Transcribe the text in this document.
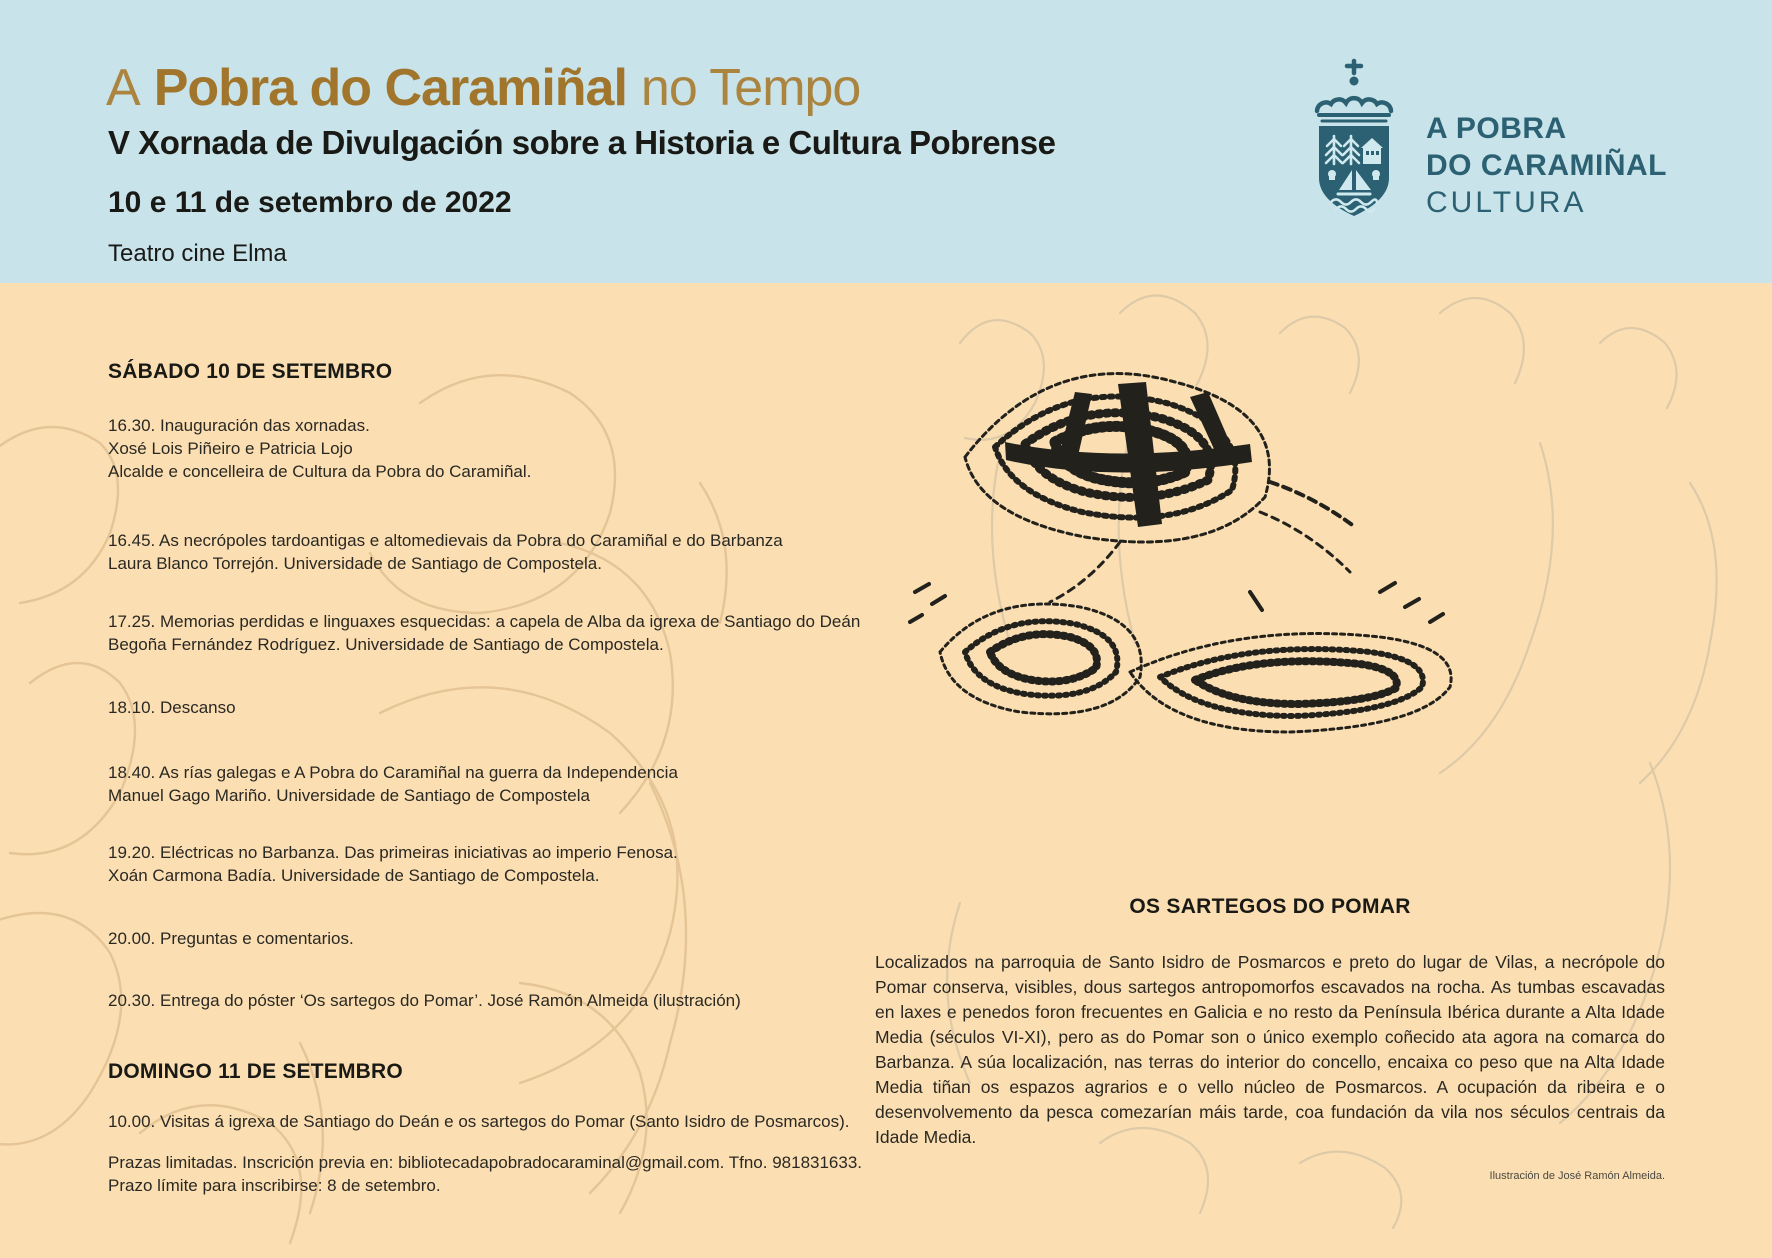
A Pobra do Caramiñal no Tempo
V Xornada de Divulgación sobre a Historia e Cultura Pobrense
10 e 11 de setembro de 2022
Teatro cine Elma
A POBRA
DO CARAMIÑAL
CULTURA
SÁBADO 10 DE SETEMBRO
16.30. Inauguración das xornadas.
Xosé Lois Piñeiro e Patricia Lojo
Alcalde e concelleira de Cultura da Pobra do Caramiñal.
16.45. As necrópoles tardoantigas e altomedievais da Pobra do Caramiñal e do Barbanza
Laura Blanco Torrejón. Universidade de Santiago de Compostela.
17.25. Memorias perdidas e linguaxes esquecidas: a capela de Alba da igrexa de Santiago do Deán
Begoña Fernández Rodríguez. Universidade de Santiago de Compostela.
18.10. Descanso
18.40. As rías galegas e A Pobra do Caramiñal na guerra da Independencia
Manuel Gago Mariño. Universidade de Santiago de Compostela
19.20. Eléctricas no Barbanza. Das primeiras iniciativas ao imperio Fenosa.
Xoán Carmona Badía. Universidade de Santiago de Compostela.
20.00. Preguntas e comentarios.
20.30. Entrega do póster ‘Os sartegos do Pomar’. José Ramón Almeida (ilustración)
DOMINGO 11 DE SETEMBRO
10.00. Visitas á igrexa de Santiago do Deán e os sartegos do Pomar (Santo Isidro de Posmarcos).
Prazas limitadas. Inscrición previa en: bibliotecadapobradocaraminal@gmail.com. Tfno. 981831633.
Prazo límite para inscribirse: 8 de setembro.
OS SARTEGOS DO POMAR
Localizados na parroquia de Santo Isidro de Posmarcos e preto do lugar de Vilas, a necrópole do Pomar conserva, visibles, dous sartegos antropomorfos escavados na rocha. As tumbas escavadas en laxes e penedos foron frecuentes en Galicia e no resto da Península Ibérica durante a Alta Idade Media (séculos VI-XI), pero as do Pomar son o único exemplo coñecido ata agora na comarca do Barbanza. A súa localización, nas terras do interior do concello, encaixa co peso que na Alta Idade Media tiñan os espazos agrarios e o vello núcleo de Posmarcos. A ocupación da ribeira e o desenvolvemento da pesca comezarían máis tarde, coa fundación da vila nos séculos centrais da Idade Media.
Ilustración de José Ramón Almeida.
